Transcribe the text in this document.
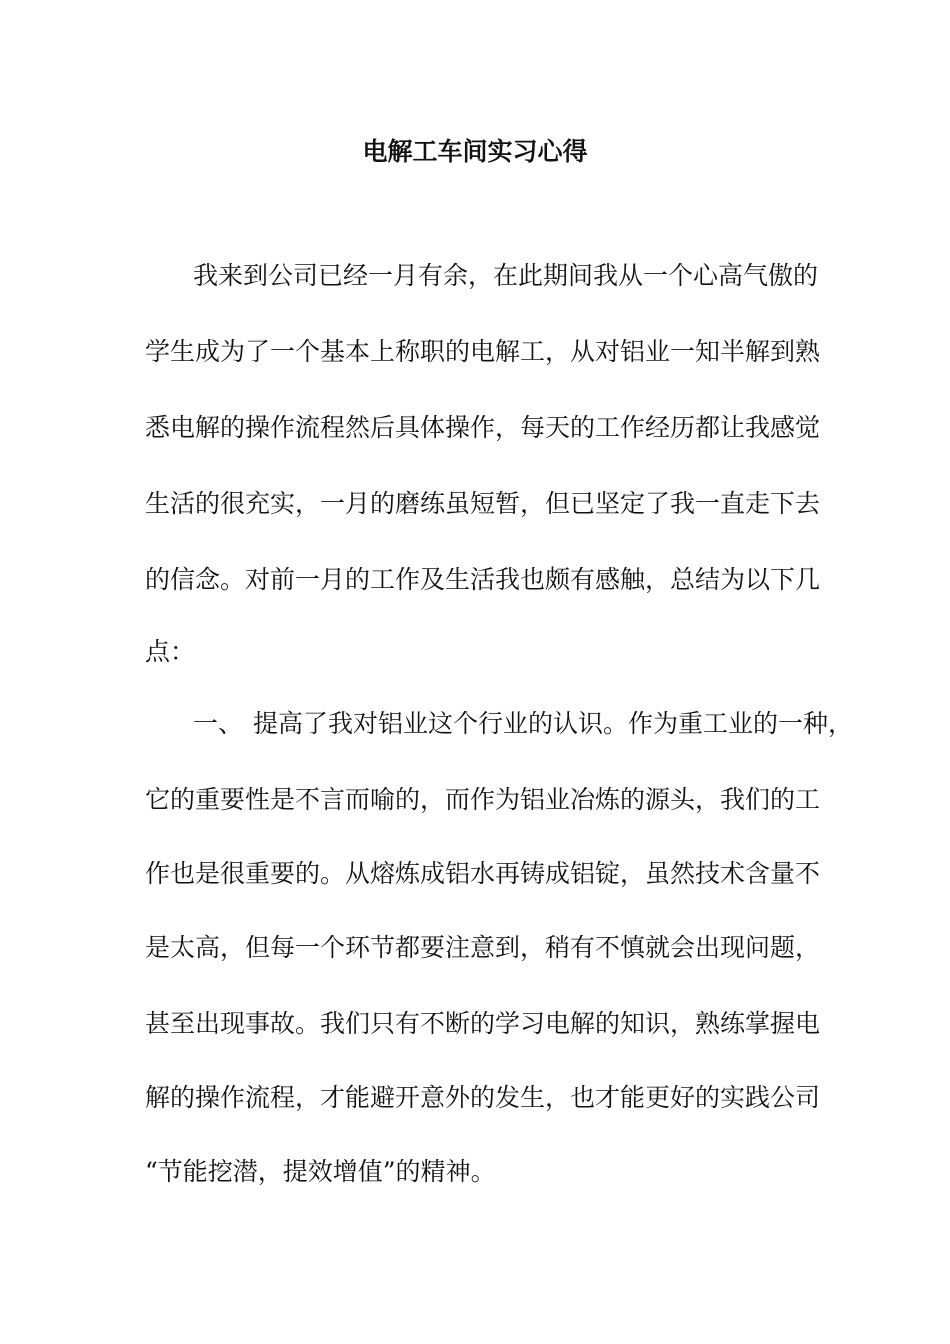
电解工车间实习心得

我来到公司已经一月有余，在此期间我从一个心高气傲的

学生成为了一个基本上称职的电解工，从对铝业一知半解到熟

悉电解的操作流程然后具体操作，每天的工作经历都让我感觉

生活的很充实，一月的磨练虽短暂，但已坚定了我一直走下去

的信念。对前一月的工作及生活我也颇有感触，总结为以下几

点：

一、 提高了我对铝业这个行业的认识。作为重工业的一种，

它的重要性是不言而喻的，而作为铝业冶炼的源头，我们的工

作也是很重要的。从熔炼成铝水再铸成铝锭，虽然技术含量不

是太高，但每一个环节都要注意到，稍有不慎就会出现问题，

甚至出现事故。我们只有不断的学习电解的知识，熟练掌握电

解的操作流程，才能避开意外的发生，也才能更好的实践公司

“节能挖潜，提效增值”的精神。
